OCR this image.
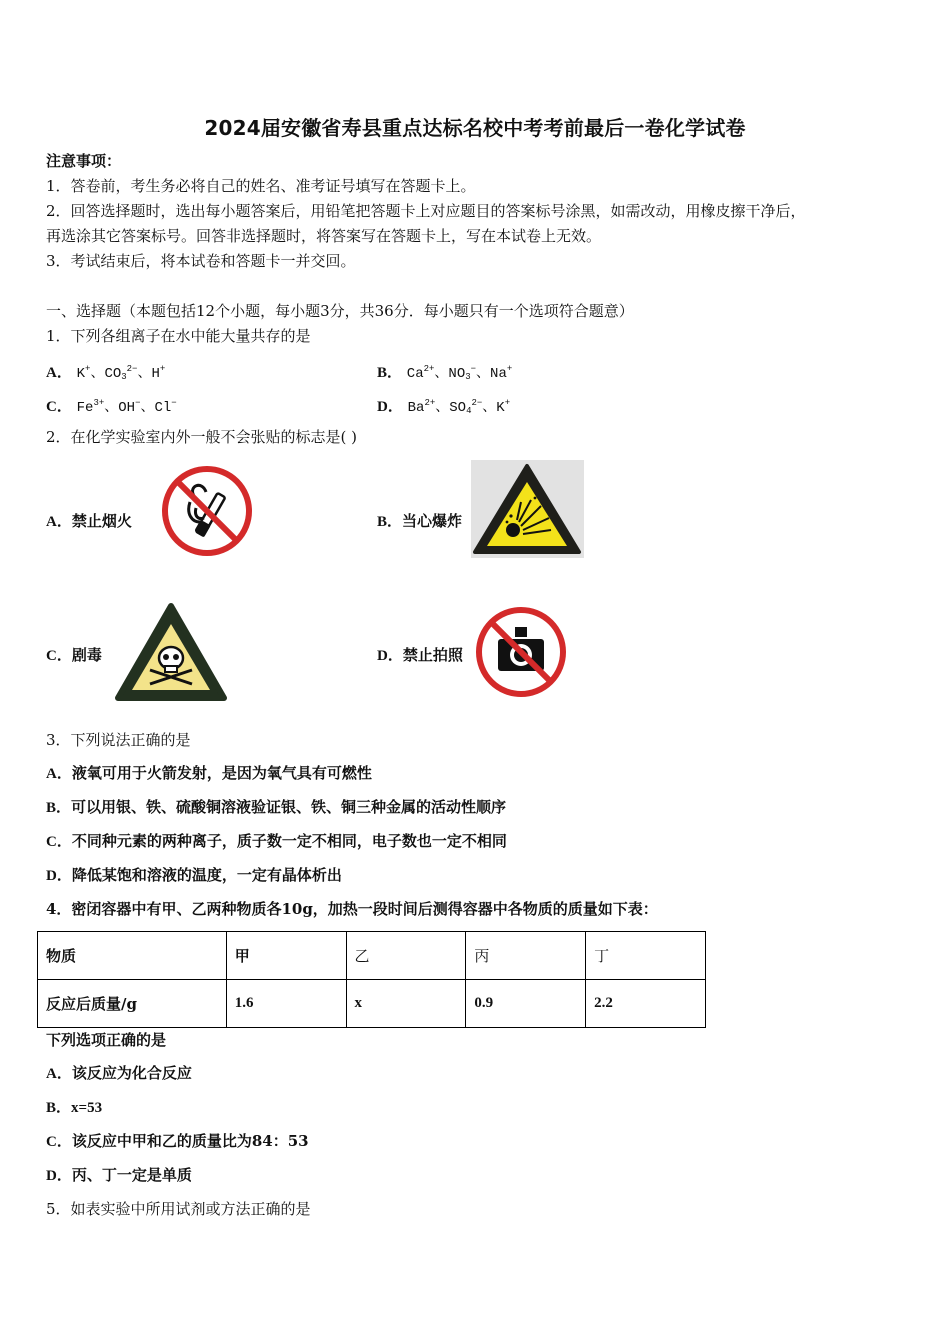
2024届安徽省寿县重点达标名校中考考前最后一卷化学试卷
注意事项：
1．答卷前，考生务必将自己的姓名、准考证号填写在答题卡上。
2．回答选择题时，选出每小题答案后，用铅笔把答题卡上对应题目的答案标号涂黑，如需改动，用橡皮擦干净后，
再选涂其它答案标号。回答非选择题时，将答案写在答题卡上，写在本试卷上无效。
3．考试结束后，将本试卷和答题卡一并交回。
一、选择题（本题包括12个小题，每小题3分，共36分．每小题只有一个选项符合题意）
1．下列各组离子在水中能大量共存的是
A． K+、$CO_3^{2-}$、H+	B． $Ca^{2+}$、$NO_3^-$、Na+
C． $Fe^{3+}$、OH−、Cl−	D． $Ba^{2+}$、$SO_4^{2-}$、K+
2．在化学实验室内外一般不会张贴的标志是( )
A．禁止烟火	B．当心爆炸
C．剧毒	D．禁止拍照
3．下列说法正确的是
A．液氧可用于火箭发射，是因为氧气具有可燃性
B．可以用银、铁、硫酸铜溶液验证银、铁、铜三种金属的活动性顺序
C．不同种元素的两种离子，质子数一定不相同，电子数也一定不相同
D．降低某饱和溶液的温度，一定有晶体析出
4．密闭容器中有甲、乙两种物质各10g，加热一段时间后测得容器中各物质的质量如下表：
物质	甲	乙	丙	丁
反应后质量/g	1.6	x	0.9	2.2
下列选项正确的是
A．该反应为化合反应
B．x=53
C．该反应中甲和乙的质量比为84：53
D．丙、丁一定是单质
5．如表实验中所用试剂或方法正确的是
